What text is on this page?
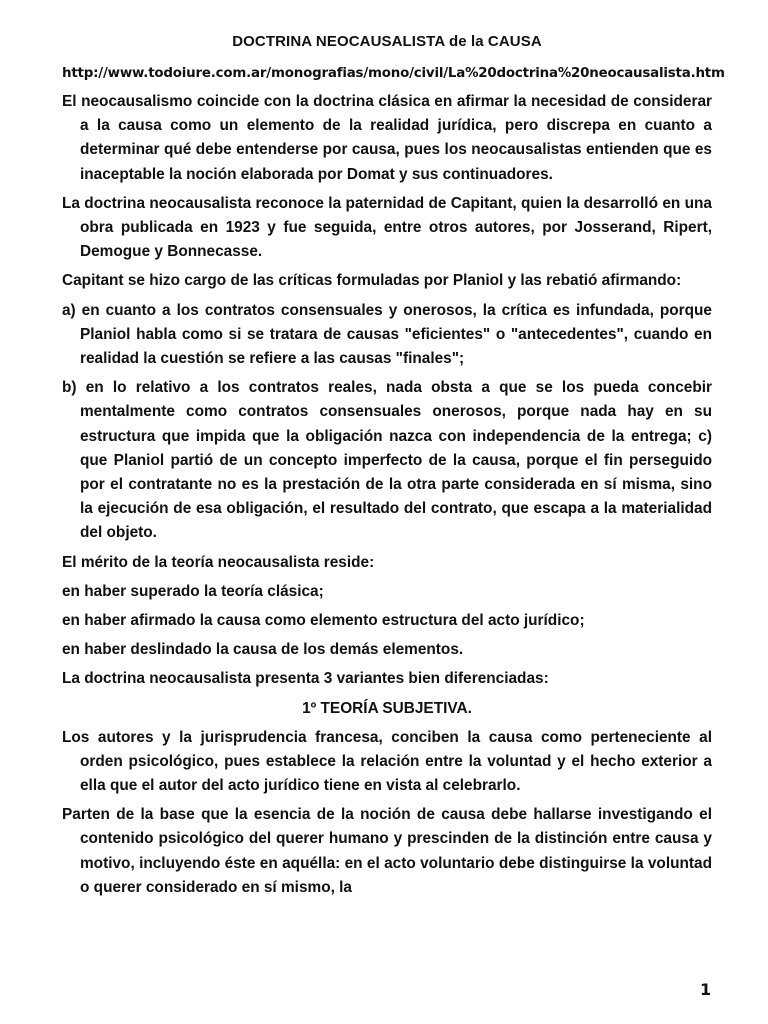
DOCTRINA NEOCAUSALISTA de la CAUSA
http://www.todoiure.com.ar/monografias/mono/civil/La%20doctrina%20neocausalista.htm

El neocausalismo coincide con la doctrina clásica en afirmar la necesidad de considerar a la causa como un elemento de la realidad jurídica, pero discrepa en cuanto a determinar qué debe entenderse por causa, pues los neocausalistas entienden que es inaceptable la noción elaborada por Domat y sus continuadores.

La doctrina neocausalista reconoce la paternidad de Capitant, quien la desarrolló en una obra publicada en 1923 y fue seguida, entre otros autores, por Josserand, Ripert, Demogue y Bonnecasse.

Capitant se hizo cargo de las críticas formuladas por Planiol y las rebatió afirmando:

a) en cuanto a los contratos consensuales y onerosos, la crítica es infundada, porque Planiol habla como si se tratara de causas "eficientes" o "antecedentes", cuando en realidad la cuestión se refiere a las causas "finales";

b) en lo relativo a los contratos reales, nada obsta a que se los pueda concebir mentalmente como contratos consensuales onerosos, porque nada hay en su estructura que impida que la obligación nazca con independencia de la entrega; c) que Planiol partió de un concepto imperfecto de la causa, porque el fin perseguido por el contratante no es la prestación de la otra parte considerada en sí misma, sino la ejecución de esa obligación, el resultado del contrato, que escapa a la materialidad del objeto.

El mérito de la teoría neocausalista reside:

en haber superado la teoría clásica;

en haber afirmado la causa como elemento estructura del acto jurídico;

en haber deslindado la causa de los demás elementos.

La doctrina neocausalista presenta 3 variantes bien diferenciadas:

1º TEORÍA SUBJETIVA.

Los autores y la jurisprudencia francesa, conciben la causa como perteneciente al orden psicológico, pues establece la relación entre la voluntad y el hecho exterior a ella que el autor del acto jurídico tiene en vista al celebrarlo.

Parten de la base que la esencia de la noción de causa debe hallarse investigando el contenido psicológico del querer humano y prescinden de la distinción entre causa y motivo, incluyendo éste en aquélla: en el acto voluntario debe distinguirse la voluntad o querer considerado en sí mismo, la

1
